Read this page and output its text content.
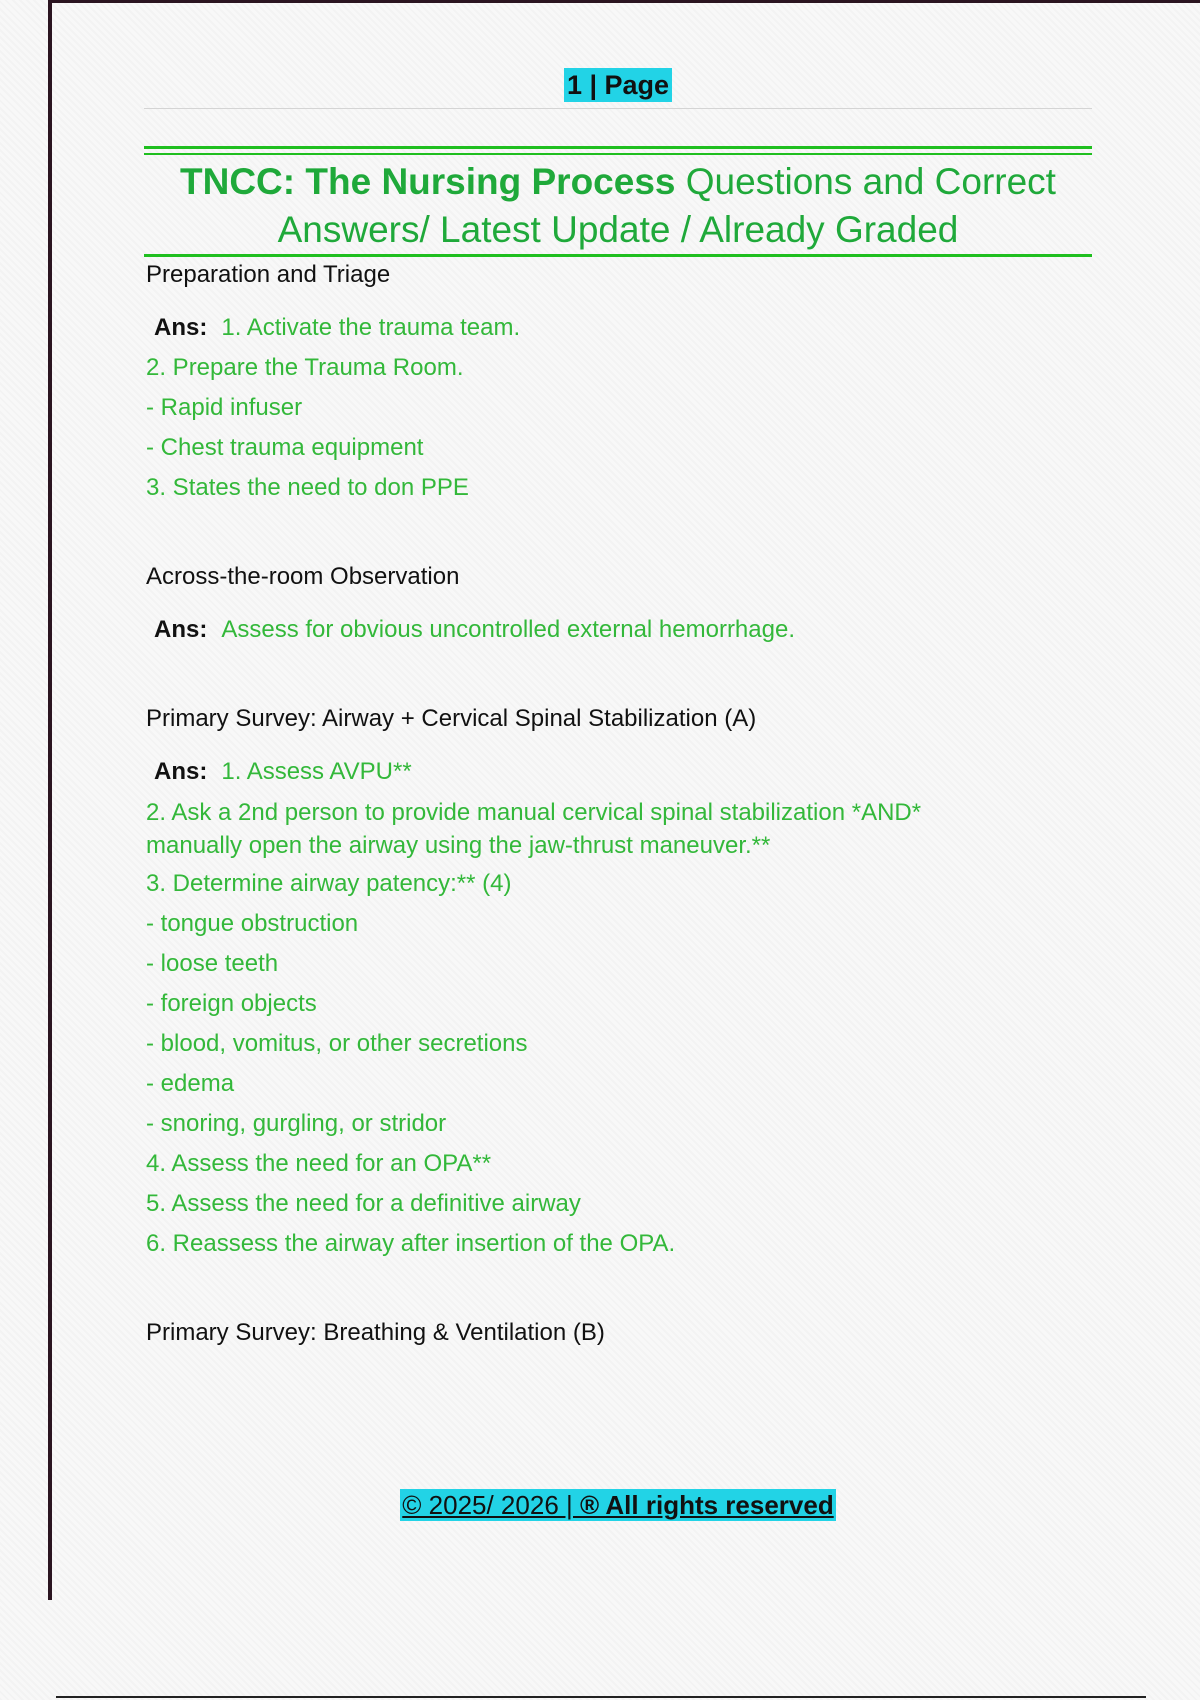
1 | Page
TNCC: The Nursing Process Questions and Correct
Answers/ Latest Update / Already Graded
Preparation and Triage
Ans: 1. Activate the trauma team.
2. Prepare the Trauma Room.
- Rapid infuser
- Chest trauma equipment
3. States the need to don PPE
Across-the-room Observation
Ans: Assess for obvious uncontrolled external hemorrhage.
Primary Survey: Airway + Cervical Spinal Stabilization (A)
Ans: 1. Assess AVPU**
2. Ask a 2nd person to provide manual cervical spinal stabilization *AND*
manually open the airway using the jaw-thrust maneuver.**
3. Determine airway patency:** (4)
- tongue obstruction
- loose teeth
- foreign objects
- blood, vomitus, or other secretions
- edema
- snoring, gurgling, or stridor
4. Assess the need for an OPA**
5. Assess the need for a definitive airway
6. Reassess the airway after insertion of the OPA.
Primary Survey: Breathing & Ventilation (B)
© 2025/ 2026 | ® All rights reserved
